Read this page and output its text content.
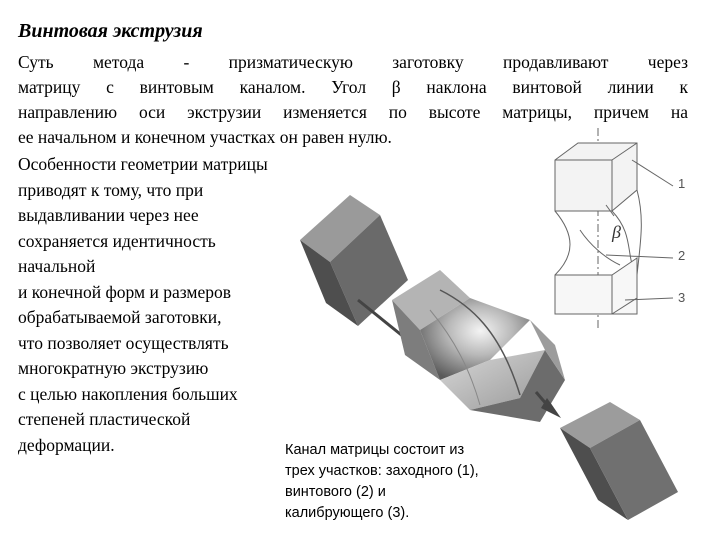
β
1
2
3
Винтовая экструзия
Суть метода - призматическую заготовку продавливают через
матрицу с винтовым каналом. Угол β наклона винтовой линии к
направлению оси экструзии изменяется по высоте матрицы, причем на
ее начальном и конечном участках он равен нулю.
Особенности геометрии матрицы
приводят к тому, что при
выдавливании через нее
сохраняется идентичность
начальной
и конечной форм и размеров
обрабатываемой заготовки,
что позволяет осуществлять
многократную экструзию
с целью накопления больших
степеней пластической
деформации.	Канал матрицы состоит из
трех участков: заходного (1),
винтового (2) и
калибрующего (3).
